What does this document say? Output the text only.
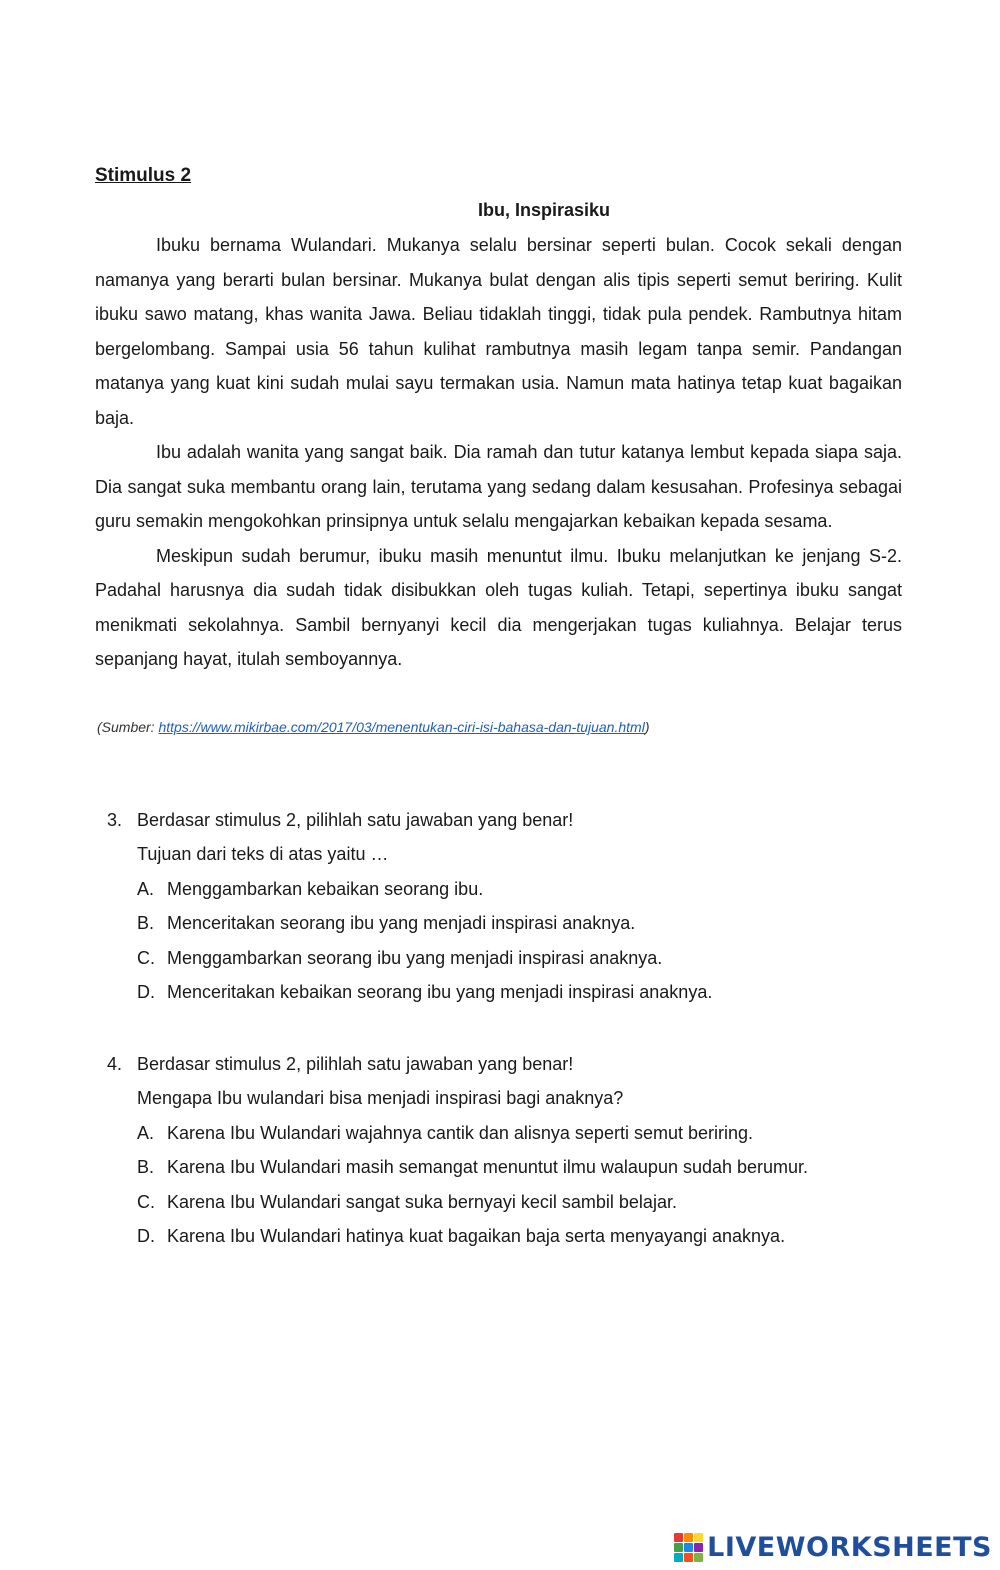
Stimulus 2
Ibu, Inspirasiku

Ibuku bernama Wulandari. Mukanya selalu bersinar seperti bulan. Cocok sekali dengan namanya yang berarti bulan bersinar. Mukanya bulat dengan alis tipis seperti semut beriring. Kulit ibuku sawo matang, khas wanita Jawa. Beliau tidaklah tinggi, tidak pula pendek. Rambutnya hitam bergelombang. Sampai usia 56 tahun kulihat rambutnya masih legam tanpa semir. Pandangan matanya yang kuat kini sudah mulai sayu termakan usia. Namun mata hatinya tetap kuat bagaikan baja.

Ibu adalah wanita yang sangat baik. Dia ramah dan tutur katanya lembut kepada siapa saja. Dia sangat suka membantu orang lain, terutama yang sedang dalam kesusahan. Profesinya sebagai guru semakin mengokohkan prinsipnya untuk selalu mengajarkan kebaikan kepada sesama.

Meskipun sudah berumur, ibuku masih menuntut ilmu. Ibuku melanjutkan ke jenjang S-2. Padahal harusnya dia sudah tidak disibukkan oleh tugas kuliah. Tetapi, sepertinya ibuku sangat menikmati sekolahnya. Sambil bernyanyi kecil dia mengerjakan tugas kuliahnya. Belajar terus sepanjang hayat, itulah semboyannya.

(Sumber: https://www.mikirbae.com/2017/03/menentukan-ciri-isi-bahasa-dan-tujuan.html)
3. Berdasar stimulus 2, pilihlah satu jawaban yang benar!
Tujuan dari teks di atas yaitu …
A. Menggambarkan kebaikan seorang ibu.
B. Menceritakan seorang ibu yang menjadi inspirasi anaknya.
C. Menggambarkan seorang ibu yang menjadi inspirasi anaknya.
D. Menceritakan kebaikan seorang ibu yang menjadi inspirasi anaknya.
4. Berdasar stimulus 2, pilihlah satu jawaban yang benar!
Mengapa Ibu wulandari bisa menjadi inspirasi bagi anaknya?
A. Karena Ibu Wulandari wajahnya cantik dan alisnya seperti semut beriring.
B. Karena Ibu Wulandari masih semangat menuntut ilmu walaupun sudah berumur.
C. Karena Ibu Wulandari sangat suka bernyayi kecil sambil belajar.
D. Karena Ibu Wulandari hatinya kuat bagaikan baja serta menyayangi anaknya.
LIVEWORKSHEETS
